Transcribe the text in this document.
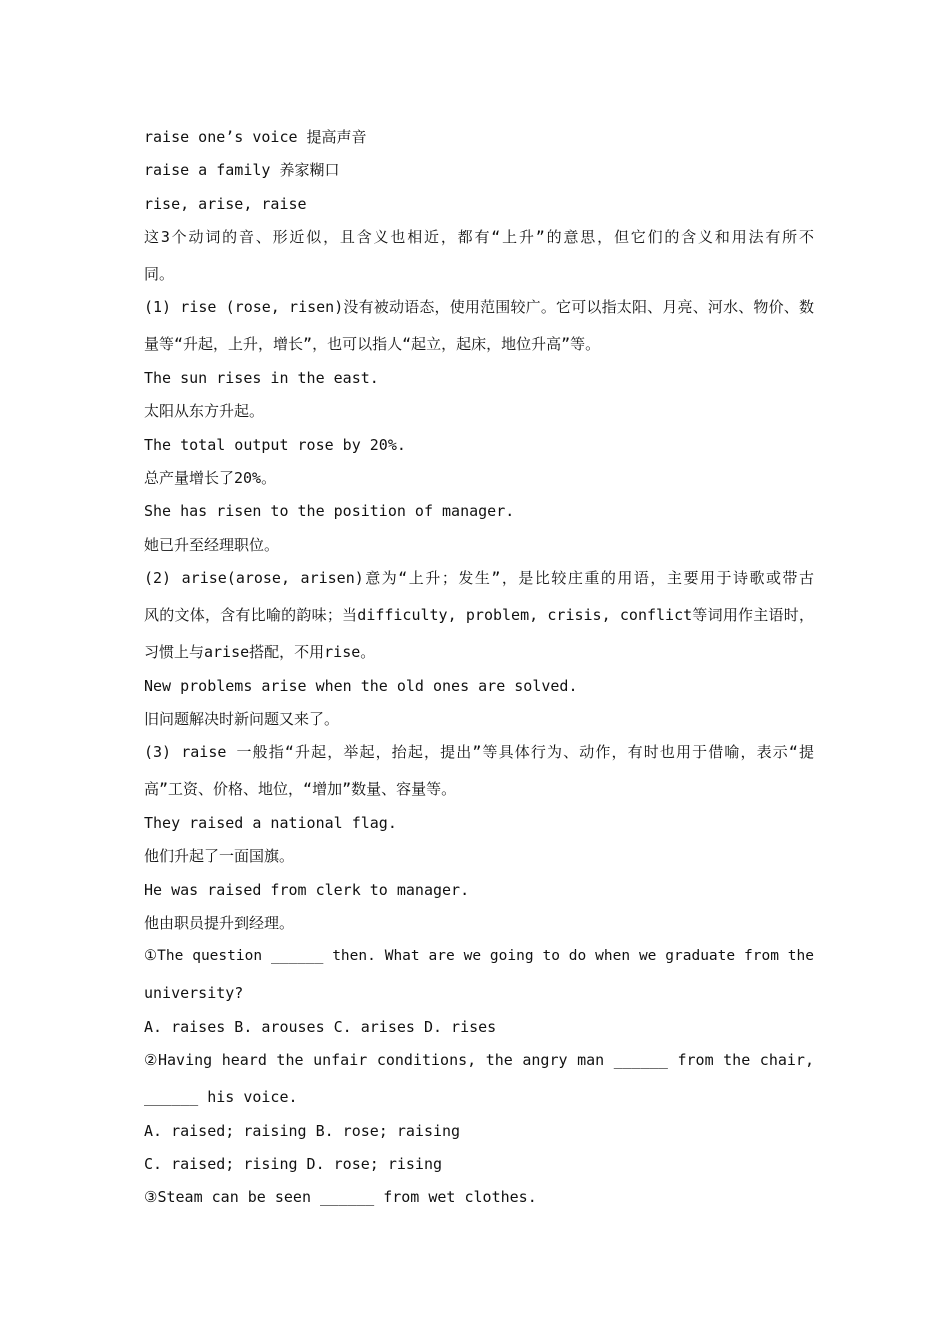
raise one’s voice 提高声音
raise a family 养家糊口
rise, arise, raise
这3个动词的音、形近似，且含义也相近，都有“上升”的意思，但它们的含义和用法有所不
同。
(1) rise (rose, risen)没有被动语态，使用范围较广。它可以指太阳、月亮、河水、物价、数
量等“升起，上升，增长”，也可以指人“起立，起床，地位升高”等。
The sun rises in the east.
太阳从东方升起。
The total output rose by 20%.
总产量增长了20%。
She has risen to the position of manager.
她已升至经理职位。
(2) arise(arose, arisen)意为“上升；发生”，是比较庄重的用语，主要用于诗歌或带古
风的文体，含有比喻的韵味；当difficulty, problem, crisis, conflict等词用作主语时，
习惯上与arise搭配，不用rise。
New problems arise when the old ones are solved.
旧问题解决时新问题又来了。
(3) raise 一般指“升起，举起，抬起，提出”等具体行为、动作，有时也用于借喻，表示“提
高”工资、价格、地位，“增加”数量、容量等。
They raised a national flag.
他们升起了一面国旗。
He was raised from clerk to manager.
他由职员提升到经理。
①The question ______ then. What are we going to do when we graduate from the
university?
A. raises B. arouses C. arises D. rises
②Having heard the unfair conditions, the angry man ______ from the chair,
______ his voice.
A. raised; raising B. rose; raising
C. raised; rising D. rose; rising
③Steam can be seen ______ from wet clothes.
